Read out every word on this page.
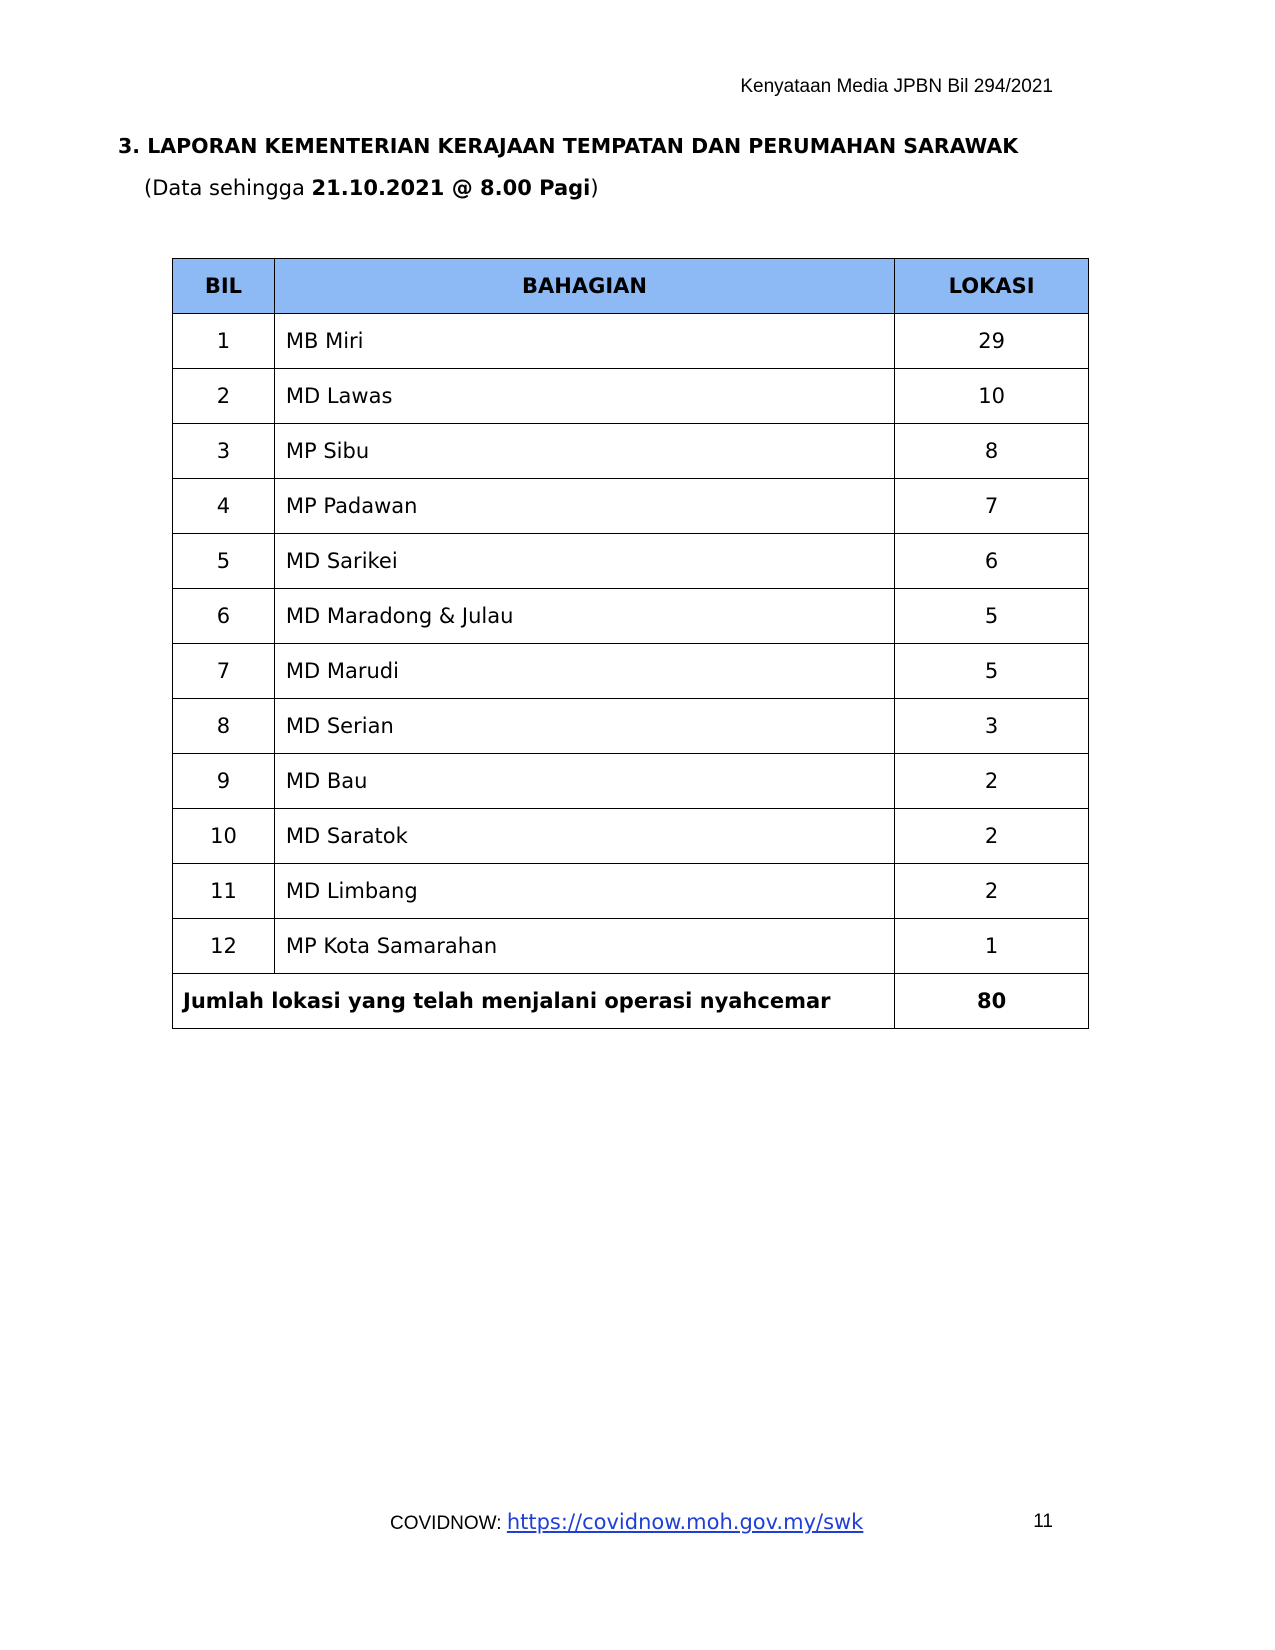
Kenyataan Media JPBN Bil 294/2021
3. LAPORAN KEMENTERIAN KERAJAAN TEMPATAN DAN PERUMAHAN SARAWAK
(Data sehingga 21.10.2021 @ 8.00 Pagi)
BIL	BAHAGIAN	LOKASI
1	MB Miri	29
2	MD Lawas	10
3	MP Sibu	8
4	MP Padawan	7
5	MD Sarikei	6
6	MD Maradong & Julau	5
7	MD Marudi	5
8	MD Serian	3
9	MD Bau	2
10	MD Saratok	2
11	MD Limbang	2
12	MP Kota Samarahan	1
Jumlah lokasi yang telah menjalani operasi nyahcemar		80
COVIDNOW: https://covidnow.moh.gov.my/swk	11
